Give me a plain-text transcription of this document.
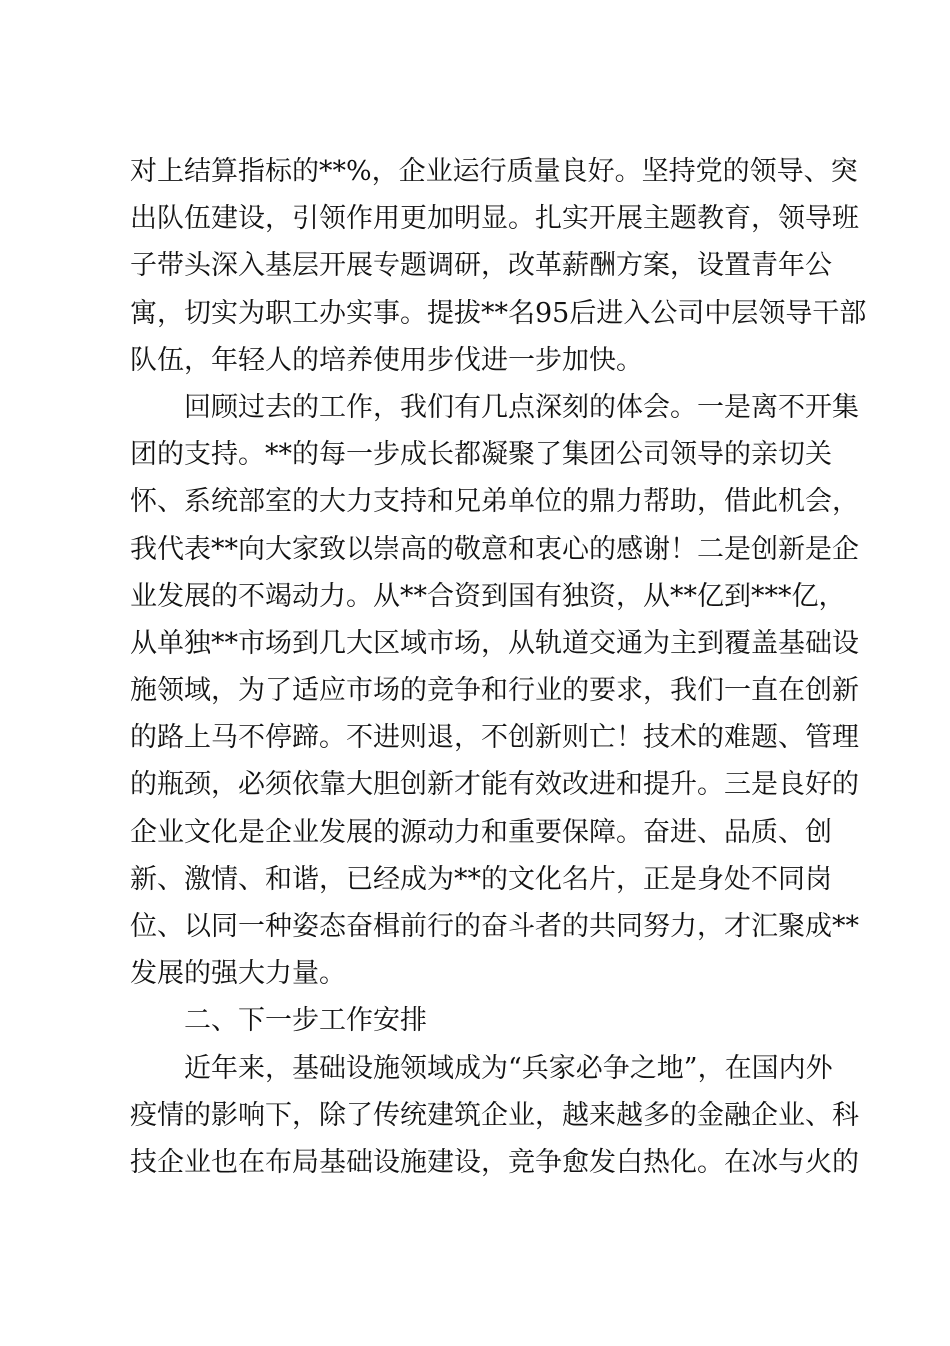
对上结算指标的**%，企业运行质量良好。坚持党的领导、突
出队伍建设，引领作用更加明显。扎实开展主题教育，领导班
子带头深入基层开展专题调研，改革薪酬方案，设置青年公
寓，切实为职工办实事。提拔**名95后进入公司中层领导干部
队伍，年轻人的培养使用步伐进一步加快。
回顾过去的工作，我们有几点深刻的体会。一是离不开集
团的支持。**的每一步成长都凝聚了集团公司领导的亲切关
怀、系统部室的大力支持和兄弟单位的鼎力帮助，借此机会，
我代表**向大家致以崇高的敬意和衷心的感谢！二是创新是企
业发展的不竭动力。从**合资到国有独资，从**亿到***亿，
从单独**市场到几大区域市场，从轨道交通为主到覆盖基础设
施领域，为了适应市场的竞争和行业的要求，我们一直在创新
的路上马不停蹄。不进则退，不创新则亡！技术的难题、管理
的瓶颈，必须依靠大胆创新才能有效改进和提升。三是良好的
企业文化是企业发展的源动力和重要保障。奋进、品质、创
新、激情、和谐，已经成为**的文化名片，正是身处不同岗
位、以同一种姿态奋楫前行的奋斗者的共同努力，才汇聚成**
发展的强大力量。
二、下一步工作安排
近年来，基础设施领域成为“兵家必争之地”，在国内外
疫情的影响下，除了传统建筑企业，越来越多的金融企业、科
技企业也在布局基础设施建设，竞争愈发白热化。在冰与火的
